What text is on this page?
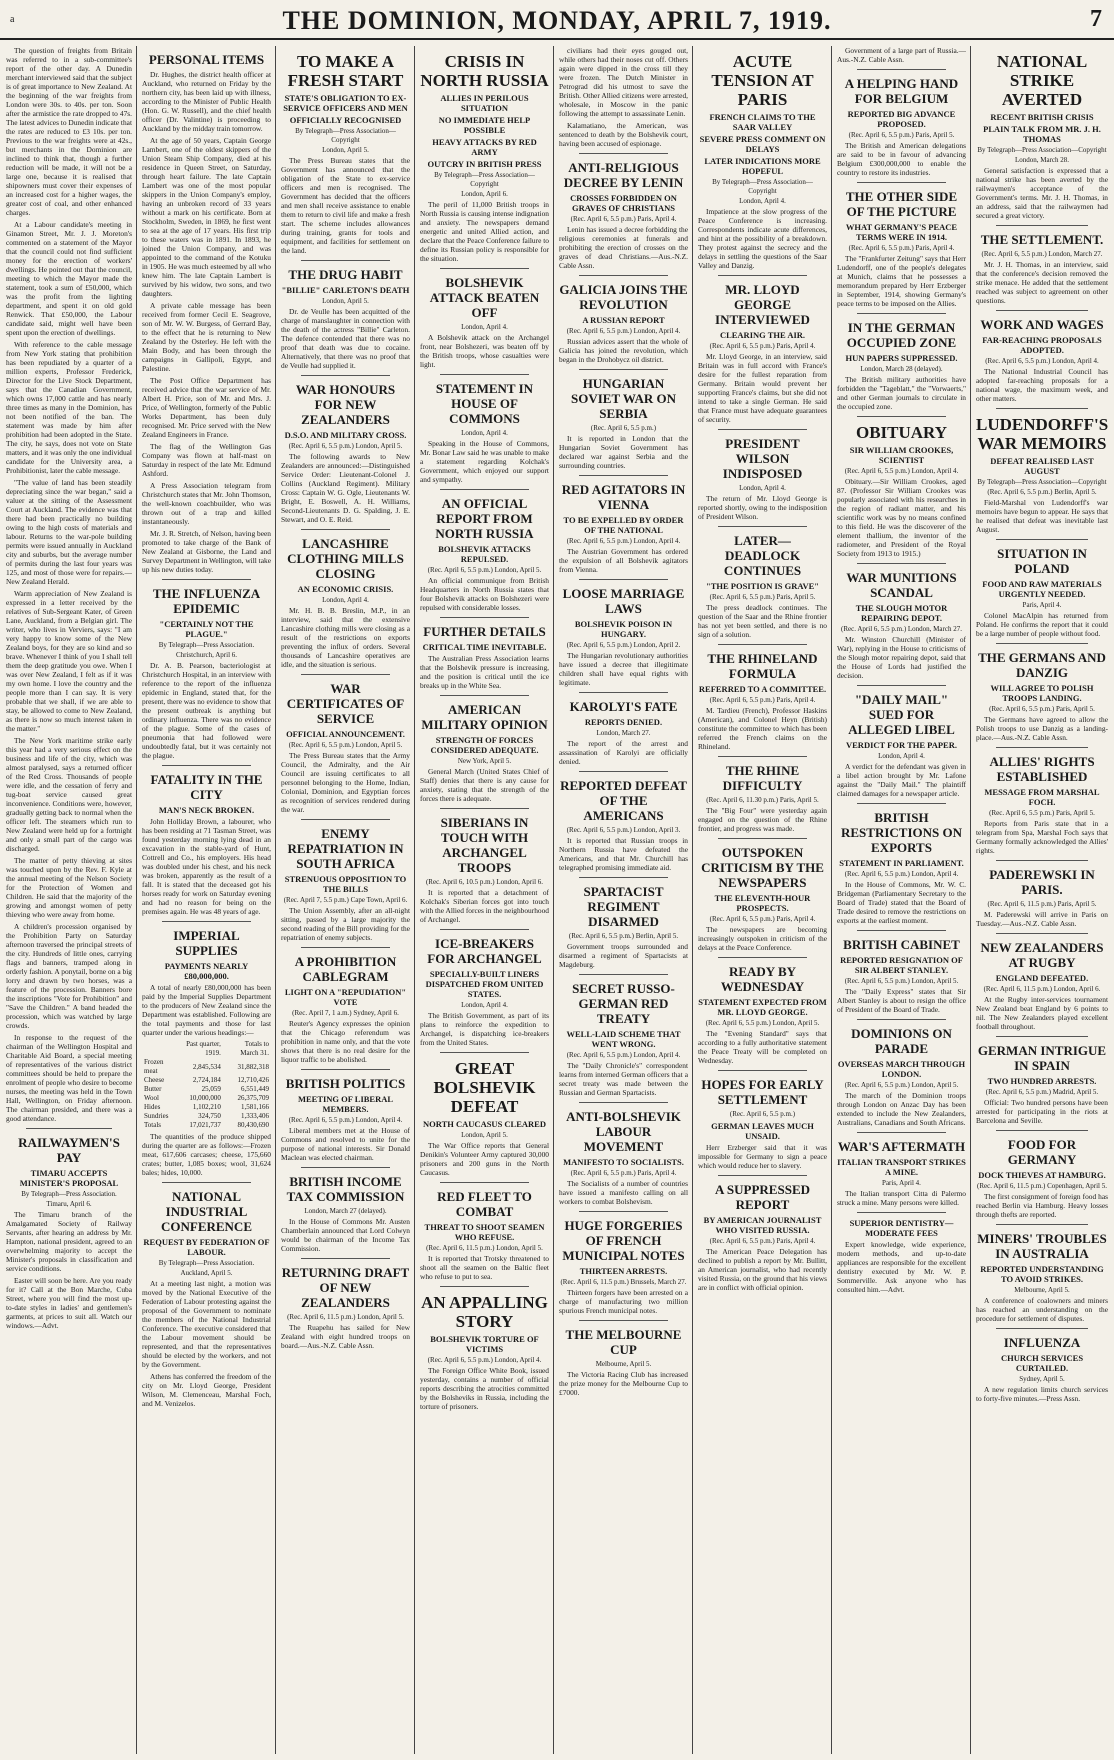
a	THE DOMINION, MONDAY, APRIL 7, 1919.	7

The question of freights from Britain was referred to in a sub-committee's report of the other day. A Dunedin merchant interviewed said that the subject is of great importance to New Zealand. At the beginning of the war freights from London were 30s. to 40s. per ton. Soon after the armistice the rate dropped to 47s. The latest advices to Dunedin indicate that the rates are reduced to £3 10s. per ton. Previous to the war freights were at 42s., but merchants in the Dominion are inclined to think that, though a further reduction will be made, it will not be a large one, because it is realised that shipowners must cover their expenses of an increased cost for a higher wages, the greater cost of coal, and other enhanced charges.

At a Labour candidate's meeting in Ginamon Street, Mr. J. J. Moreton's commented on a statement of the Mayor that the council could not find sufficient money for the erection of workers' dwellings. He pointed out that the council, meeting to which the Mayor made the statement, took a sum of £50,000, which was the profit from the lighting department, and spent it on old gold Renwick. That £50,000, the Labour candidate said, might well have been spent upon the erection of dwellings.

With reference to the cable message from New York stating that prohibition has been repudiated by a quarter of a million experts, Professor Frederick, Director for the Live Stock Department, says that the Canadian Government, which owns 17,000 cattle and has nearly three times as many in the Dominion, has not been notified of the ban. The statement was made by him after prohibition had been adopted in the State. The city, he says, does not vote on State matters, and it was only the one individual candidate for the University area, a Prohibitionist, later the cable message.

"The value of land has been steadily depreciating since the war began," said a valuer at the sitting of the Assessment Court at Auckland. The evidence was that there had been practically no building owing to the high costs of materials and labour. Returns to the war-pole building permits were issued annually in Auckland city and suburbs, but the average number of permits during the last four years was 125, and most of those were for repairs.—New Zealand Herald.

Warm appreciation of New Zealand is expressed in a letter received by the relatives of Sub-Sergeant Kater, of Green Lane, Auckland, from a Belgian girl. The writer, who lives in Verviers, says: "I am very happy to know some of the New Zealand boys, for they are so kind and so brave. Whenever I think of you I shall tell them the deep gratitude you owe. When I was over New Zealand, I felt as if it was my own home. I love the country and the people more than I can say. It is very probable that we shall, if we are able to stay, be allowed to come to New Zealand, as there is now so much interest taken in the matter."

The New York maritime strike early this year had a very serious effect on the business and life of the city, which was almost paralysed, says a returned officer of the Red Cross. Thousands of people were idle, and the cessation of ferry and tug-boat service caused great inconvenience. Conditions were, however, gradually getting back to normal when the officer left. The steamers which run to New Zealand were held up for a fortnight and only a small part of the cargo was discharged.

The matter of petty thieving at sites was touched upon by the Rev. F. Kyle at the annual meeting of the Nelson Society for the Protection of Women and Children. He said that the majority of the growing and amongst women of petty thieving who were away from home.

A children's procession organised by the Prohibition Party on Saturday afternoon traversed the principal streets of the city. Hundreds of little ones, carrying flags and banners, tramped along in orderly fashion. A ponytail, borne on a big lorry and drawn by two horses, was a feature of the procession. Banners bore the inscriptions "Vote for Prohibition" and "Save the Children." A band headed the procession, which was watched by large crowds.

In response to the request of the chairman of the Wellington Hospital and Charitable Aid Board, a special meeting of representatives of the various district committees should be held to prepare the enrolment of people who desire to become nurses, the meeting was held in the Town Hall, Wellington, on Friday afternoon. The chairman presided, and there was a good attendance.

RAILWAYMEN'S PAY
TIMARU ACCEPTS MINISTER'S PROPOSAL
By Telegraph—Press Association.
Timaru, April 6.

The Timaru branch of the Amalgamated Society of Railway Servants, after hearing an address by Mr. Hampton, national president, agreed to an overwhelming majority to accept the Minister's proposals in classification and service conditions.

Easter will soon be here. Are you ready for it? Call at the Bon Marche, Cuba Street, where you will find the most up-to-date styles in ladies' and gentlemen's garments, at prices to suit all. Watch our windows.—Advt.

PERSONAL ITEMS

Dr. Hughes, the district health officer at Auckland, who returned on Friday by the northern city, has been laid up with illness, according to the Minister of Public Health (Hon. G. W. Russell), and the chief health officer (Dr. Valintine) is proceeding to Auckland by the midday train tomorrow.

At the age of 50 years, Captain George Lambert, one of the oldest skippers of the Union Steam Ship Company, died at his residence in Queen Street, on Saturday, through heart failure. The late Captain Lambert was one of the most popular skippers in the Union Company's employ, having an unbroken record of 33 years without a mark on his certificate. Born at Stockholm, Sweden, in 1869, he first went to sea at the age of 17 years. His first trip to these waters was in 1891. In 1893, he joined the Union Company, and was appointed to the command of the Kotuku in 1905. He was much esteemed by all who knew him. The late Captain Lambert is survived by his widow, two sons, and two daughters.

A private cable message has been received from former Cecil E. Seagrove, son of Mr. W. W. Burgess, of Gerrard Bay, to the effect that he is returning to New Zealand by the Osterley. He left with the Main Body, and has been through the campaigns in Gallipoli, Egypt, and Palestine.

The Post Office Department has received advice that the war service of Mr. Albert H. Price, son of Mr. and Mrs. J. Price, of Wellington, formerly of the Public Works Department, has been duly recognised. Mr. Price served with the New Zealand Engineers in France.

The flag of the Wellington Gas Company was flown at half-mast on Saturday in respect of the late Mr. Edmund Ashford.

A Press Association telegram from Christchurch states that Mr. John Thomson, the well-known coachbuilder, who was thrown out of a trap and killed instantaneously.

Mr. J. R. Stretch, of Nelson, having been promoted to take charge of the Bank of New Zealand at Gisborne, the Land and Survey Department in Wellington, will take up his new duties today.

THE INFLUENZA EPIDEMIC
"CERTAINLY NOT THE PLAGUE."
By Telegraph—Press Association.
Christchurch, April 6.

Dr. A. B. Pearson, bacteriologist at Christchurch Hospital, in an interview with reference to the report of the influenza epidemic in England, stated that, for the present, there was no evidence to show that the present outbreak is anything but ordinary influenza. There was no evidence of the plague. Some of the cases of pneumonia that had followed were undoubtedly fatal, but it was certainly not the plague.

FATALITY IN THE CITY
MAN'S NECK BROKEN.

John Holliday Brown, a labourer, who has been residing at 71 Tasman Street, was found yesterday morning lying dead in an excavation in the stable-yard of Hunt, Cottrell and Co., his employers. His head was doubled under his chest, and his neck was broken, apparently as the result of a fall. It is stated that the deceased got his horses ready for work on Saturday evening and had no reason for being on the premises again. He was 48 years of age.

IMPERIAL SUPPLIES
PAYMENTS NEARLY £80,000,000.

A total of nearly £80,000,000 has been paid by the Imperial Supplies Department to the producers of New Zealand since the Department was established. Following are the total payments and those for last quarter under the various headings:—

	Past quarter, 1919.	Totals to March 31.
Frozen meat	2,845,534	31,882,318
Cheese	2,724,184	12,710,426
Butter	25,059	6,551,449
Wool	10,000,000	26,375,709
Hides	1,102,210	1,581,166
Sundries	324,750	1,333,406
Totals	17,021,737	80,430,690

The quantities of the produce shipped during the quarter are as follows:—Frozen meat, 617,606 carcases; cheese, 175,660 crates; butter, 1,085 boxes; wool, 31,624 bales; hides, 10,000.

NATIONAL INDUSTRIAL CONFERENCE
REQUEST BY FEDERATION OF LABOUR.
By Telegraph—Press Association.
Auckland, April 5.

At a meeting last night, a motion was moved by the National Executive of the Federation of Labour protesting against the proposal of the Government to nominate the members of the National Industrial Conference. The executive considered that the Labour movement should be represented, and that the representatives should be elected by the workers, and not by the Government.

Athens has conferred the freedom of the city on Mr. Lloyd George, President Wilson, M. Clemenceau, Marshal Foch, and M. Venizelos.

TO MAKE A FRESH START
STATE'S OBLIGATION TO EX-SERVICE OFFICERS AND MEN
OFFICIALLY RECOGNISED
By Telegraph—Press Association—Copyright
London, April 5.

The Press Bureau states that the Government has announced that the obligation of the State to ex-service officers and men is recognised. The Government has decided that the officers and men shall receive assistance to enable them to return to civil life and make a fresh start. The scheme includes allowances during training, grants for tools and equipment, and facilities for settlement on the land.

THE DRUG HABIT
"BILLIE" CARLETON'S DEATH
London, April 5.

Dr. de Veulle has been acquitted of the charge of manslaughter in connection with the death of the actress "Billie" Carleton. The defence contended that there was no proof that death was due to cocaine. Alternatively, that there was no proof that de Veulle had supplied it.

WAR HONOURS FOR NEW ZEALANDERS
D.S.O. AND MILITARY CROSS.
(Rec. April 6, 5.5 p.m.) London, April 5.

The following awards to New Zealanders are announced:—Distinguished Service Order: Lieutenant-Colonel J. Collins (Auckland Regiment). Military Cross: Captain W. G. Ogle, Lieutenants W. Bright, E. Boswell, A. H. Williams, Second-Lieutenants D. G. Spalding, J. E. Stewart, and O. E. Reid.

LANCASHIRE CLOTHING MILLS CLOSING
AN ECONOMIC CRISIS.
London, April 4.

Mr. H. B. B. Breslin, M.P., in an interview, said that the extensive Lancashire clothing mills were closing as a result of the restrictions on exports preventing the influx of orders. Several thousands of Lancashire operatives are idle, and the situation is serious.

WAR CERTIFICATES OF SERVICE
OFFICIAL ANNOUNCEMENT.
(Rec. April 6, 5.5 p.m.) London, April 5.

The Press Bureau states that the Army Council, the Admiralty, and the Air Council are issuing certificates to all personnel belonging to the Home, Indian, Colonial, Dominion, and Egyptian forces as recognition of services rendered during the war.

ENEMY REPATRIATION IN SOUTH AFRICA
STRENUOUS OPPOSITION TO THE BILLS
(Rec. April 7, 5.5 p.m.) Cape Town, April 6.

The Union Assembly, after an all-night sitting, passed by a large majority the second reading of the Bill providing for the repatriation of enemy subjects.

A PROHIBITION CABLEGRAM
LIGHT ON A "REPUDIATION" VOTE
(Rec. April 7, 1 a.m.) Sydney, April 6.

Reuter's Agency expresses the opinion that the Chicago referendum was prohibition in name only, and that the vote shows that there is no real desire for the liquor traffic to be abolished.

BRITISH POLITICS
MEETING OF LIBERAL MEMBERS.
(Rec. April 6, 5.5 p.m.) London, April 4.

Liberal members met at the House of Commons and resolved to unite for the purpose of national interests. Sir Donald Maclean was elected chairman.

BRITISH INCOME TAX COMMISSION
London, March 27 (delayed).

In the House of Commons Mr. Austen Chamberlain announced that Lord Colwyn would be chairman of the Income Tax Commission.

RETURNING DRAFT OF NEW ZEALANDERS
(Rec. April 6, 11.5 p.m.) London, April 5.

The Ruapehu has sailed for New Zealand with eight hundred troops on board.—Aus.-N.Z. Cable Assn.

CRISIS IN NORTH RUSSIA
ALLIES IN PERILOUS SITUATION
NO IMMEDIATE HELP POSSIBLE
HEAVY ATTACKS BY RED ARMY
OUTCRY IN BRITISH PRESS
By Telegraph—Press Association—Copyright
London, April 6.

The peril of 11,000 British troops in North Russia is causing intense indignation and anxiety. The newspapers demand energetic and united Allied action, and declare that the Peace Conference failure to define its Russian policy is responsible for the situation.

BOLSHEVIK ATTACK BEATEN OFF
London, April 4.

A Bolshevik attack on the Archangel front, near Bolshezeri, was beaten off by the British troops, whose casualties were light.

STATEMENT IN HOUSE OF COMMONS
London, April 4.

Speaking in the House of Commons, Mr. Bonar Law said he was unable to make a statement regarding Kolchak's Government, which enjoyed our support and sympathy.

AN OFFICIAL REPORT FROM NORTH RUSSIA
BOLSHEVIK ATTACKS REPULSED.
(Rec. April 6, 5.5 p.m.) London, April 5.

An official communique from British Headquarters in North Russia states that four Bolshevik attacks on Bolshezeri were repulsed with considerable losses.

FURTHER DETAILS
CRITICAL TIME INEVITABLE.

The Australian Press Association learns that the Bolshevik pressure is increasing, and the position is critical until the ice breaks up in the White Sea.

AMERICAN MILITARY OPINION
STRENGTH OF FORCES CONSIDERED ADEQUATE.
New York, April 5.

General March (United States Chief of Staff) denies that there is any cause for anxiety, stating that the strength of the forces there is adequate.

SIBERIANS IN TOUCH WITH ARCHANGEL TROOPS
(Rec. April 6, 10.5 p.m.) London, April 6.

It is reported that a detachment of Kolchak's Siberian forces got into touch with the Allied forces in the neighbourhood of Archangel.

ICE-BREAKERS FOR ARCHANGEL
SPECIALLY-BUILT LINERS DISPATCHED FROM UNITED STATES.
London, April 4.

The British Government, as part of its plans to reinforce the expedition to Archangel, is dispatching ice-breakers from the United States.

GREAT BOLSHEVIK DEFEAT
NORTH CAUCASUS CLEARED
London, April 5.

The War Office reports that General Denikin's Volunteer Army captured 30,000 prisoners and 200 guns in the North Caucasus.

RED FLEET TO COMBAT
THREAT TO SHOOT SEAMEN WHO REFUSE.
(Rec. April 6, 11.5 p.m.) London, April 5.

It is reported that Trotsky threatened to shoot all the seamen on the Baltic fleet who refuse to put to sea.

AN APPALLING STORY
BOLSHEVIK TORTURE OF VICTIMS
(Rec. April 6, 5.5 p.m.) London, April 4.

The Foreign Office White Book, issued yesterday, contains a number of official reports describing the atrocities committed by the Bolsheviks in Russia, including the torture of prisoners.

civilians had their eyes gouged out, while others had their noses cut off. Others again were dipped in the cross till they were frozen. The Dutch Minister in Petrograd did his utmost to save the British. Other Allied citizens were arrested, wholesale, in Moscow in the panic following the attempt to assassinate Lenin.

Kalamatiano, the American, was sentenced to death by the Bolshevik court, having been accused of espionage.

ANTI-RELIGIOUS DECREE BY LENIN
CROSSES FORBIDDEN ON GRAVES OF CHRISTIANS
(Rec. April 6, 5.5 p.m.) Paris, April 4.

Lenin has issued a decree forbidding the religious ceremonies at funerals and prohibiting the erection of crosses on the graves of dead Christians.—Aus.-N.Z. Cable Assn.

GALICIA JOINS THE REVOLUTION
A RUSSIAN REPORT
(Rec. April 6, 5.5 p.m.) London, April 4.

Russian advices assert that the whole of Galicia has joined the revolution, which began in the Drohobycz oil district.

HUNGARIAN SOVIET WAR ON SERBIA
(Rec. April 6, 5.5 p.m.)

It is reported in London that the Hungarian Soviet Government has declared war against Serbia and the surrounding countries.

RED AGITATORS IN VIENNA
TO BE EXPELLED BY ORDER OF THE NATIONAL
(Rec. April 6, 5.5 p.m.) London, April 4.

The Austrian Government has ordered the expulsion of all Bolshevik agitators from Vienna.

LOOSE MARRIAGE LAWS
BOLSHEVIK POISON IN HUNGARY.
(Rec. April 6, 5.5 p.m.) London, April 2.

The Hungarian revolutionary authorities have issued a decree that illegitimate children shall have equal rights with legitimate.

KAROLYI'S FATE
REPORTS DENIED.
London, March 27.

The report of the arrest and assassination of Karolyi are officially denied.

REPORTED DEFEAT OF THE AMERICANS
(Rec. April 6, 5.5 p.m.) London, April 3.

It is reported that Russian troops in Northern Russia have defeated the Americans, and that Mr. Churchill has telegraphed promising immediate aid.

SPARTACIST REGIMENT DISARMED
(Rec. April 6, 5.5 p.m.) Berlin, April 5.

Government troops surrounded and disarmed a regiment of Spartacists at Magdeburg.

SECRET RUSSO-GERMAN RED TREATY
WELL-LAID SCHEME THAT WENT WRONG.
(Rec. April 6, 5.5 p.m.) London, April 4.

The "Daily Chronicle's" correspondent learns from interned German officers that a secret treaty was made between the Russian and German Spartacists.

ANTI-BOLSHEVIK LABOUR MOVEMENT
MANIFESTO TO SOCIALISTS.
(Rec. April 6, 5.5 p.m.) Paris, April 4.

The Socialists of a number of countries have issued a manifesto calling on all workers to combat Bolshevism.

HUGE FORGERIES OF FRENCH MUNICIPAL NOTES
THIRTEEN ARRESTS.
(Rec. April 6, 11.5 p.m.) Brussels, March 27.

Thirteen forgers have been arrested on a charge of manufacturing two million spurious French municipal notes.

THE MELBOURNE CUP
Melbourne, April 5.

The Victoria Racing Club has increased the prize money for the Melbourne Cup to £7000.

ACUTE TENSION AT PARIS
FRENCH CLAIMS TO THE SAAR VALLEY
SEVERE PRESS COMMENT ON DELAYS
LATER INDICATIONS MORE HOPEFUL
By Telegraph—Press Association—Copyright
London, April 4.

Impatience at the slow progress of the Peace Conference is increasing. Correspondents indicate acute differences, and hint at the possibility of a breakdown. They protest against the secrecy and the delays in settling the questions of the Saar Valley and Danzig.

MR. LLOYD GEORGE INTERVIEWED
CLEARING THE AIR.
(Rec. April 6, 5.5 p.m.) Paris, April 4.

Mr. Lloyd George, in an interview, said Britain was in full accord with France's desire for the fullest reparation from Germany. Britain would prevent her supporting France's claims, but she did not intend to take a single German. He said that France must have adequate guarantees of security.

PRESIDENT WILSON INDISPOSED
London, April 4.

The return of Mr. Lloyd George is reported shortly, owing to the indisposition of President Wilson.

LATER—DEADLOCK CONTINUES
"THE POSITION IS GRAVE"
(Rec. April 6, 5.5 p.m.) Paris, April 5.

The press deadlock continues. The question of the Saar and the Rhine frontier has not yet been settled, and there is no sign of a solution.

THE RHINELAND FORMULA
REFERRED TO A COMMITTEE.
(Rec. April 6, 5.5 p.m.) Paris, April 4.

M. Tardieu (French), Professor Haskins (American), and Colonel Heyn (British) constitute the committee to which has been referred the French claims on the Rhineland.

THE RHINE DIFFICULTY
(Rec. April 6, 11.30 p.m.) Paris, April 5.

The "Big Four" were yesterday again engaged on the question of the Rhine frontier, and progress was made.

OUTSPOKEN CRITICISM BY THE NEWSPAPERS
THE ELEVENTH-HOUR PROSPECTS.
(Rec. April 6, 5.5 p.m.) Paris, April 4.

The newspapers are becoming increasingly outspoken in criticism of the delays at the Peace Conference.

READY BY WEDNESDAY
STATEMENT EXPECTED FROM MR. LLOYD GEORGE.
(Rec. April 6, 5.5 p.m.) London, April 5.

The "Evening Standard" says that according to a fully authoritative statement the Peace Treaty will be completed on Wednesday.

HOPES FOR EARLY SETTLEMENT
(Rec. April 6, 5.5 p.m.)
GERMAN LEAVES MUCH UNSAID.

Herr Erzberger said that it was impossible for Germany to sign a peace which would reduce her to slavery.

A SUPPRESSED REPORT
BY AMERICAN JOURNALIST WHO VISITED RUSSIA.
(Rec. April 6, 5.5 p.m.) Paris, April 4.

The American Peace Delegation has declined to publish a report by Mr. Bullitt, an American journalist, who had recently visited Russia, on the ground that his views are in conflict with official opinion.

Government of a large part of Russia.—Aus.-N.Z. Cable Assn.

A HELPING HAND FOR BELGIUM
REPORTED BIG ADVANCE PROPOSED.
(Rec. April 6, 5.5 p.m.) Paris, April 5.

The British and American delegations are said to be in favour of advancing Belgium £300,000,000 to enable the country to restore its industries.

THE OTHER SIDE OF THE PICTURE
WHAT GERMANY'S PEACE TERMS WERE IN 1914.
(Rec. April 6, 5.5 p.m.) Paris, April 4.

The "Frankfurter Zeitung" says that Herr Ludendorff, one of the people's delegates at Munich, claims that he possesses a memorandum prepared by Herr Erzberger in September, 1914, showing Germany's peace terms to be imposed on the Allies.

IN THE GERMAN OCCUPIED ZONE
HUN PAPERS SUPPRESSED.
London, March 28 (delayed).

The British military authorities have forbidden the "Tageblatt," the "Vorwaerts," and other German journals to circulate in the occupied zone.

OBITUARY
SIR WILLIAM CROOKES, SCIENTIST
(Rec. April 6, 5.5 p.m.) London, April 4.

Obituary.—Sir William Crookes, aged 87. (Professor Sir William Crookes was popularly associated with his researches in the region of radiant matter, and his scientific work was by no means confined to this field. He was the discoverer of the element thallium, the inventor of the radiometer, and President of the Royal Society from 1913 to 1915.)

WAR MUNITIONS SCANDAL
THE SLOUGH MOTOR REPAIRING DEPOT.
(Rec. April 6, 5.5 p.m.) London, March 27.

Mr. Winston Churchill (Minister of War), replying in the House to criticisms of the Slough motor repairing depot, said that the House of Lords had justified the decision.

"DAILY MAIL" SUED FOR ALLEGED LIBEL
VERDICT FOR THE PAPER.
London, April 4.

A verdict for the defendant was given in a libel action brought by Mr. Lafone against the "Daily Mail." The plaintiff claimed damages for a newspaper article.

BRITISH RESTRICTIONS ON EXPORTS
STATEMENT IN PARLIAMENT.
(Rec. April 6, 5.5 p.m.) London, April 4.

In the House of Commons, Mr. W. C. Bridgeman (Parliamentary Secretary to the Board of Trade) stated that the Board of Trade desired to remove the restrictions on exports at the earliest moment.

BRITISH CABINET
REPORTED RESIGNATION OF SIR ALBERT STANLEY.
(Rec. April 6, 5.5 p.m.) London, April 5.

The "Daily Express" states that Sir Albert Stanley is about to resign the office of President of the Board of Trade.

DOMINIONS ON PARADE
OVERSEAS MARCH THROUGH LONDON.
(Rec. April 6, 5.5 p.m.) London, April 5.

The march of the Dominion troops through London on Anzac Day has been extended to include the New Zealanders, Australians, Canadians and South Africans.

WAR'S AFTERMATH
ITALIAN TRANSPORT STRIKES A MINE.
Paris, April 4.

The Italian transport Citta di Palermo struck a mine. Many persons were killed.

SUPERIOR DENTISTRY—MODERATE FEES

Expert knowledge, wide experience, modern methods, and up-to-date appliances are responsible for the excellent dentistry executed by Mr. W. P. Sommerville. Ask anyone who has consulted him.—Advt.

NATIONAL STRIKE AVERTED
RECENT BRITISH CRISIS
PLAIN TALK FROM MR. J. H. THOMAS
By Telegraph—Press Association—Copyright
London, March 28.

General satisfaction is expressed that a national strike has been averted by the railwaymen's acceptance of the Government's terms. Mr. J. H. Thomas, in an address, said that the railwaymen had secured a great victory.

THE SETTLEMENT.
(Rec. April 6, 5.5 p.m.) London, March 27.

Mr. J. H. Thomas, in an interview, said that the conference's decision removed the strike menace. He added that the settlement reached was subject to agreement on other questions.

WORK AND WAGES
FAR-REACHING PROPOSALS ADOPTED.
(Rec. April 6, 5.5 p.m.) London, April 4.

The National Industrial Council has adopted far-reaching proposals for a national wage, the maximum week, and other matters.

LUDENDORFF'S WAR MEMOIRS
DEFEAT REALISED LAST AUGUST
By Telegraph—Press Association—Copyright
(Rec. April 6, 5.5 p.m.) Berlin, April 5.

Field-Marshal von Ludendorff's war memoirs have begun to appear. He says that he realised that defeat was inevitable last August.

SITUATION IN POLAND
FOOD AND RAW MATERIALS URGENTLY NEEDED.
Paris, April 4.

Colonel MacAlpin has returned from Poland. He confirms the report that it could be a large number of people without food.

THE GERMANS AND DANZIG
WILL AGREE TO POLISH TROOPS LANDING.
(Rec. April 6, 5.5 p.m.) Paris, April 5.

The Germans have agreed to allow the Polish troops to use Danzig as a landing-place.—Aus.-N.Z. Cable Assn.

ALLIES' RIGHTS ESTABLISHED
MESSAGE FROM MARSHAL FOCH.
(Rec. April 6, 5.5 p.m.) Paris, April 5.

Reports from Paris state that in a telegram from Spa, Marshal Foch says that Germany formally acknowledged the Allies' rights.

PADEREWSKI IN PARIS.
(Rec. April 6, 11.5 p.m.) Paris, April 5.

M. Paderewski will arrive in Paris on Tuesday.—Aus.-N.Z. Cable Assn.

NEW ZEALANDERS AT RUGBY
ENGLAND DEFEATED.
(Rec. April 6, 11.5 p.m.) London, April 6.

At the Rugby inter-services tournament New Zealand beat England by 6 points to nil. The New Zealanders played excellent football throughout.

GERMAN INTRIGUE IN SPAIN
TWO HUNDRED ARRESTS.
(Rec. April 6, 5.5 p.m.) Madrid, April 5.

Official: Two hundred persons have been arrested for participating in the riots at Barcelona and Seville.

FOOD FOR GERMANY
DOCK THIEVES AT HAMBURG.
(Rec. April 6, 11.5 p.m.) Copenhagen, April 5.

The first consignment of foreign food has reached Berlin via Hamburg. Heavy losses through thefts are reported.

MINERS' TROUBLES IN AUSTRALIA
REPORTED UNDERSTANDING TO AVOID STRIKES.
Melbourne, April 5.

A conference of coalowners and miners has reached an understanding on the procedure for settlement of disputes.

INFLUENZA
CHURCH SERVICES CURTAILED.
Sydney, April 5.

A new regulation limits church services to forty-five minutes.—Press Assn.
